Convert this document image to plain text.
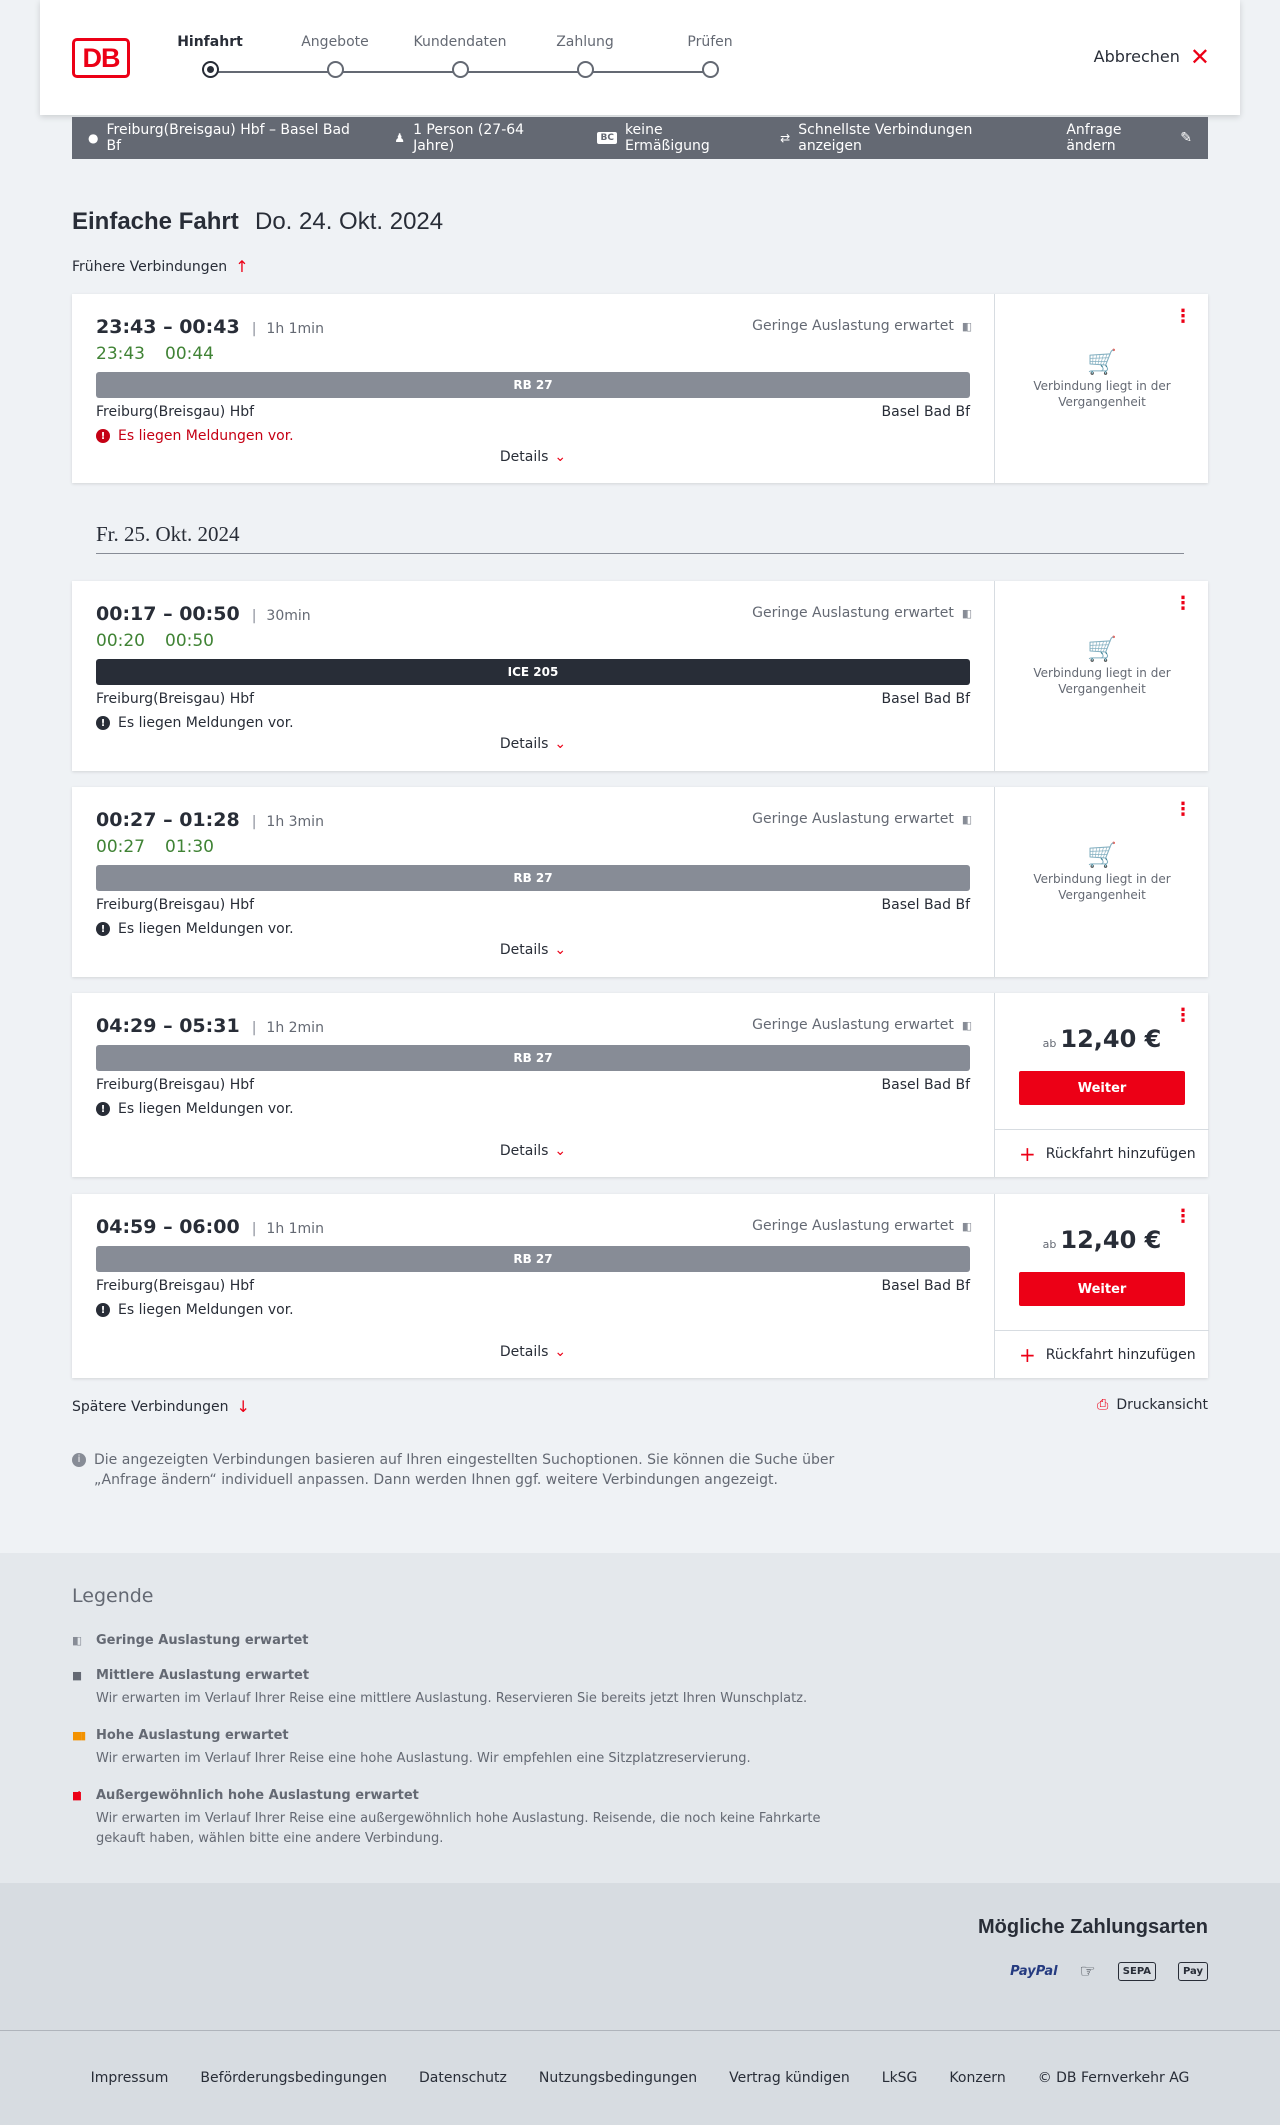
DB
Hinfahrt	Angebote	Kundendaten	Zahlung	Prüfen
Abbrechen ✕
● Freiburg(Breisgau) Hbf – Basel Bad Bf	♟ 1 Person (27-64 Jahre)	BC keine Ermäßigung	⇄ Schnellste Verbindungen anzeigen
Anfrage ändern	✎
Einfache Fahrt Do. 24. Okt. 2024
Frühere Verbindungen ↑
23:43 – 00:43 | 1h 1min	Geringe Auslastung erwartet ▮▯
23:43 00:44
RB 27
Freiburg(Breisgau) Hbf	Basel Bad Bf
! Es liegen Meldungen vor.
Details ⌄
⋮
🛒
Verbindung liegt in der Vergangenheit
00:17 – 00:50 | 30min	Geringe Auslastung erwartet ▮▯
00:20 00:50
ICE 205
Freiburg(Breisgau) Hbf	Basel Bad Bf
! Es liegen Meldungen vor.
Details ⌄
⋮
🛒
Verbindung liegt in der Vergangenheit
00:27 – 01:28 | 1h 3min	Geringe Auslastung erwartet ▮▯
00:27 01:30
RB 27
Freiburg(Breisgau) Hbf	Basel Bad Bf
! Es liegen Meldungen vor.
Details ⌄
⋮
🛒
Verbindung liegt in der Vergangenheit
04:29 – 05:31 | 1h 2min	Geringe Auslastung erwartet ▮▯
RB 27
Freiburg(Breisgau) Hbf	Basel Bad Bf
! Es liegen Meldungen vor.
Details ⌄
⋮
ab 12,40 €
Weiter
+ Rückfahrt hinzufügen
04:59 – 06:00 | 1h 1min	Geringe Auslastung erwartet ▮▯
RB 27
Freiburg(Breisgau) Hbf	Basel Bad Bf
! Es liegen Meldungen vor.
Details ⌄
⋮
ab 12,40 €
Weiter
+ Rückfahrt hinzufügen
Fr. 25. Okt. 2024
Spätere Verbindungen ↓	⎙ Druckansicht
i Die angezeigten Verbindungen basieren auf Ihren eingestellten Suchoptionen. Sie können die Suche über „Anfrage ändern“ individuell anpassen. Dann werden Ihnen ggf. weitere Verbindungen angezeigt.
Legende
▮▯	Geringe Auslastung erwartet
▮▮	Mittlere Auslastung erwartet
Wir erwarten im Verlauf Ihrer Reise eine mittlere Auslastung. Reservieren Sie bereits jetzt Ihren Wunschplatz.
▮▮▮ Hohe Auslastung erwartet
Wir erwarten im Verlauf Ihrer Reise eine hohe Auslastung. Wir empfehlen eine Sitzplatzreservierung.
▮⁄▮	Außergewöhnlich hohe Auslastung erwartet
Wir erwarten im Verlauf Ihrer Reise eine außergewöhnlich hohe Auslastung. Reisende, die noch keine Fahrkarte gekauft haben, wählen bitte eine andere Verbindung.
Mögliche Zahlungsarten
PayPal ☞	SEPA	Pay
Impressum Beförderungsbedingungen Datenschutz Nutzungsbedingungen Vertrag kündigen LkSG Konzern © DB Fernverkehr AG
